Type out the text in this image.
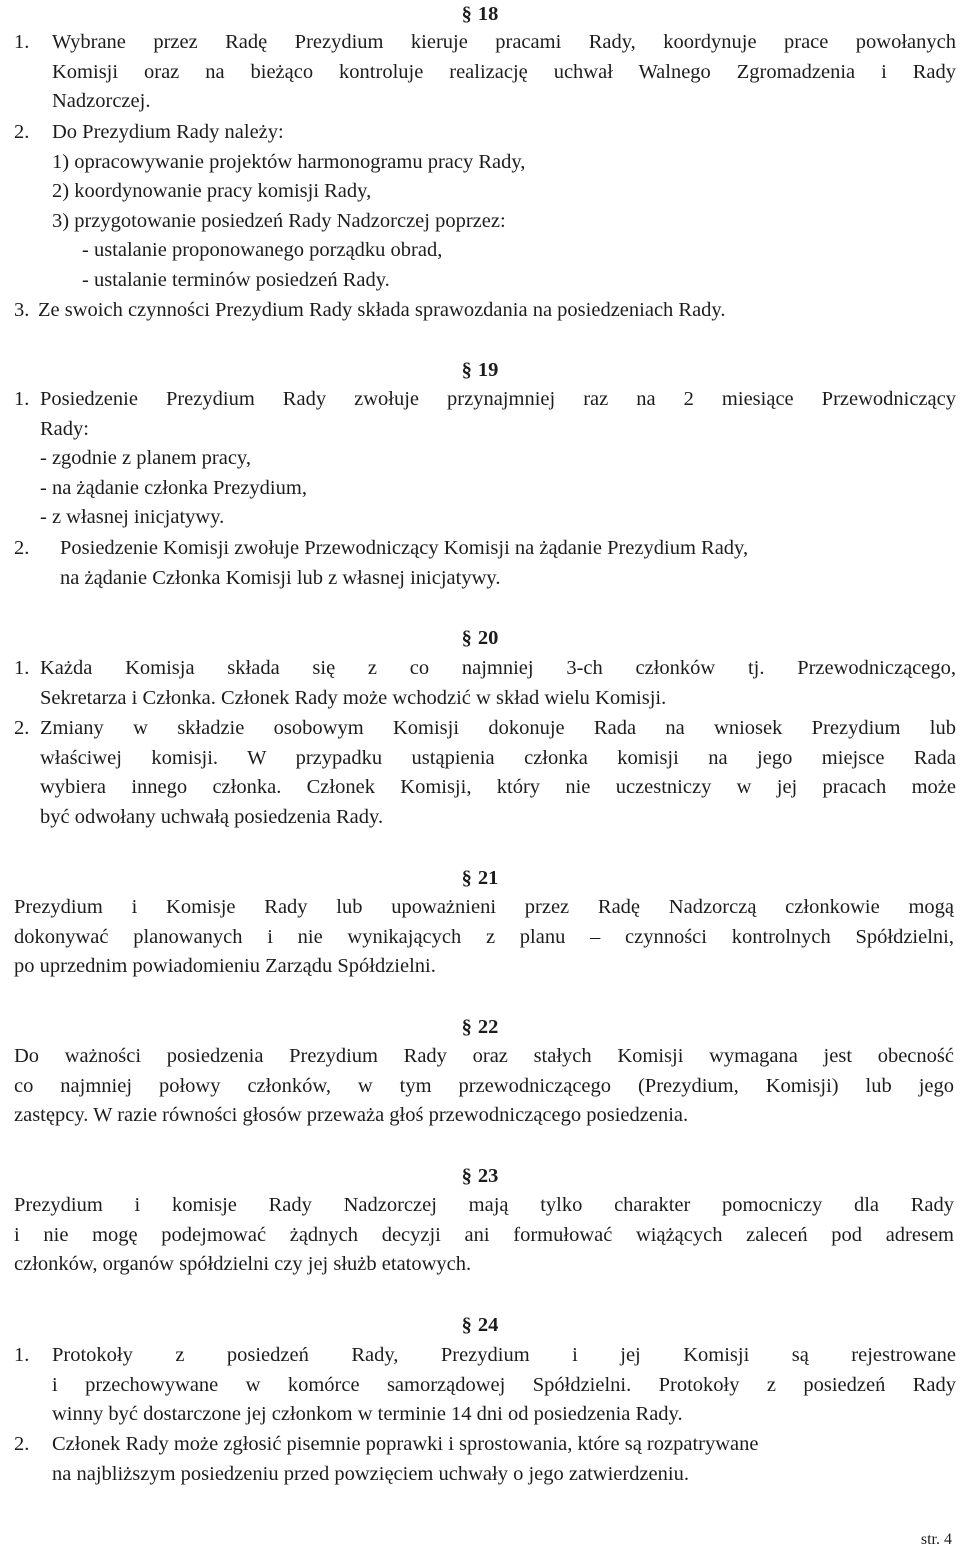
§ 18
1. Wybrane przez Radę Prezydium kieruje pracami Rady, koordynuje prace powołanych
Komisji oraz na bieżąco kontroluje realizację uchwał Walnego Zgromadzenia i Rady
Nadzorczej.
2. Do Prezydium Rady należy:
1) opracowywanie projektów harmonogramu pracy Rady,
2) koordynowanie pracy komisji Rady,
3) przygotowanie posiedzeń Rady Nadzorczej poprzez:
- ustalanie proponowanego porządku obrad,
- ustalanie terminów posiedzeń Rady.
3. Ze swoich czynności Prezydium Rady składa sprawozdania na posiedzeniach Rady.
§ 19
1. Posiedzenie Prezydium Rady zwołuje przynajmniej raz na 2 miesiące Przewodniczący
Rady:
- zgodnie z planem pracy,
- na żądanie członka Prezydium,
- z własnej inicjatywy.
2. Posiedzenie Komisji zwołuje Przewodniczący Komisji na żądanie Prezydium Rady,
na żądanie Członka Komisji lub z własnej inicjatywy.
§ 20
1. Każda Komisja składa się z co najmniej 3-ch członków tj. Przewodniczącego,
Sekretarza i Członka. Członek Rady może wchodzić w skład wielu Komisji.
2. Zmiany w składzie osobowym Komisji dokonuje Rada na wniosek Prezydium lub
właściwej komisji. W przypadku ustąpienia członka komisji na jego miejsce Rada
wybiera innego członka. Członek Komisji, który nie uczestniczy w jej pracach może
być odwołany uchwałą posiedzenia Rady.
§ 21
Prezydium i Komisje Rady lub upoważnieni przez Radę Nadzorczą członkowie mogą
dokonywać planowanych i nie wynikających z planu – czynności kontrolnych Spółdzielni,
po uprzednim powiadomieniu Zarządu Spółdzielni.
§ 22
Do ważności posiedzenia Prezydium Rady oraz stałych Komisji wymagana jest obecność
co najmniej połowy członków, w tym przewodniczącego (Prezydium, Komisji) lub jego
zastępcy. W razie równości głosów przeważa głoś przewodniczącego posiedzenia.
§ 23
Prezydium i komisje Rady Nadzorczej mają tylko charakter pomocniczy dla Rady
i nie mogę podejmować żądnych decyzji ani formułować wiążących zaleceń pod adresem
członków, organów spółdzielni czy jej służb etatowych.
§ 24
1. Protokoły z posiedzeń Rady, Prezydium i jej Komisji są rejestrowane
i przechowywane w komórce samorządowej Spółdzielni. Protokoły z posiedzeń Rady
winny być dostarczone jej członkom w terminie 14 dni od posiedzenia Rady.
2. Członek Rady może zgłosić pisemnie poprawki i sprostowania, które są rozpatrywane
na najbliższym posiedzeniu przed powzięciem uchwały o jego zatwierdzeniu.
str. 4
